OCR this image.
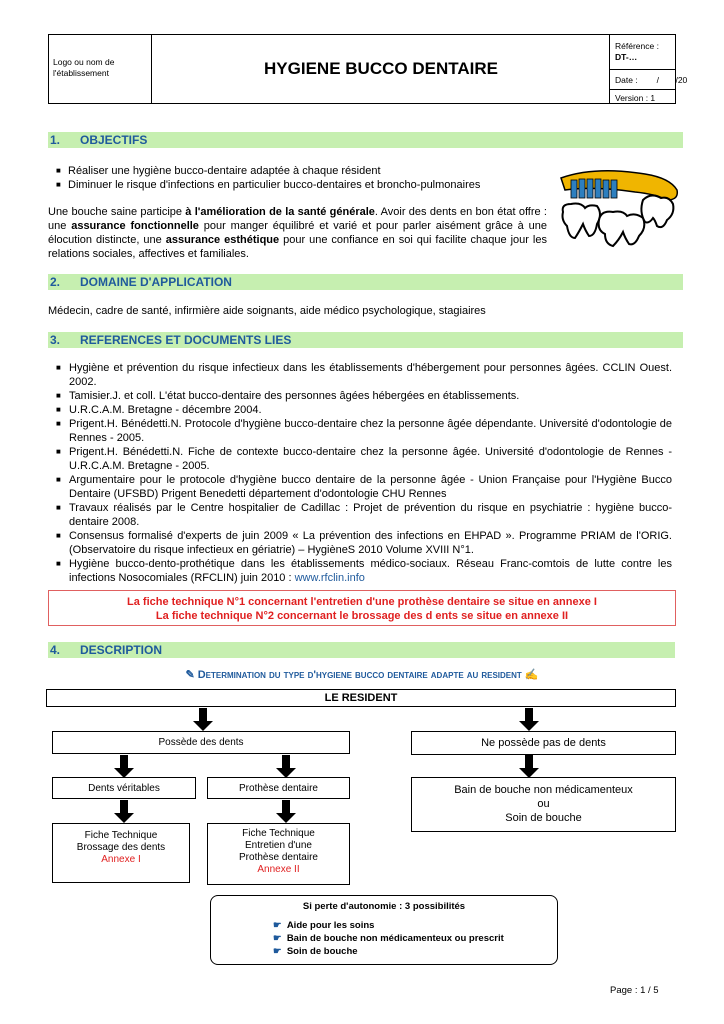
Logo ou nom de l'établissement	HYGIENE BUCCO DENTAIRE
Référence :
DT-…
Date :        /       /20
Version : 1
1. OBJECTIFS
■ Réaliser une hygiène bucco-dentaire adaptée à chaque résident
■ Diminuer le risque d'infections en particulier bucco-dentaires et broncho-pulmonaires
Une bouche saine participe à l'amélioration de la santé générale. Avoir des dents en bon état offre : une assurance fonctionnelle pour manger équilibré et varié et pour parler aisément grâce à une élocution distincte, une assurance esthétique pour une confiance en soi qui facilite chaque jour les relations sociales, affectives et familiales.
2. DOMAINE D'APPLICATION
Médecin, cadre de santé, infirmière aide soignants, aide médico psychologique, stagiaires
3. REFERENCES ET DOCUMENTS LIES
■ Hygiène et prévention du risque infectieux dans les établissements d'hébergement pour personnes âgées. CCLIN Ouest. 2002.
■ Tamisier.J. et coll. L'état bucco-dentaire des personnes âgées hébergées en établissements.
■ U.R.C.A.M. Bretagne - décembre 2004.
■ Prigent.H. Bénédetti.N. Protocole d'hygiène bucco-dentaire chez la personne âgée dépendante. Université d'odontologie de Rennes - 2005.
■ Prigent.H. Bénédetti.N. Fiche de contexte bucco-dentaire chez la personne âgée. Université d'odontologie de Rennes - U.R.C.A.M. Bretagne - 2005.
■ Argumentaire pour le protocole d'hygiène bucco dentaire de la personne âgée - Union Française pour l'Hygiène Bucco Dentaire (UFSBD) Prigent Benedetti département d'odontologie CHU Rennes
■ Travaux réalisés par le Centre hospitalier de Cadillac : Projet de prévention du risque en psychiatrie : hygiène bucco-dentaire 2008.
■ Consensus formalisé d'experts de juin 2009 « La prévention des infections en EHPAD ». Programme PRIAM de l'ORIG. (Observatoire du risque infectieux en gériatrie) – HygièneS 2010 Volume XVIII N°1.
■ Hygiène bucco-dento-prothétique dans les établissements médico-sociaux. Réseau Franc-comtois de lutte contre les infections Nosocomiales (RFCLIN) juin 2010 : www.rfclin.info
La fiche technique N°1 concernant l'entretien d'une prothèse dentaire se situe en annexe I
La fiche technique N°2 concernant le brossage des d ents se situe en annexe II
4. DESCRIPTION
✎ Determination du type d'hygiene bucco dentaire adapte au resident ✍
LE RESIDENT
Possède des dents	Ne possède pas de dents
Dents véritables	Prothèse dentaire	Bain de bouche non médicamenteux
ou
Soin de bouche
Fiche Technique
Brossage des dents
Annexe I
Fiche Technique
Entretien d'une
Prothèse dentaire
Annexe II
Si perte d'autonomie : 3 possibilités
☛ Aide pour les soins
☛ Bain de bouche non médicamenteux ou prescrit
☛ Soin de bouche
Page : 1 / 5
